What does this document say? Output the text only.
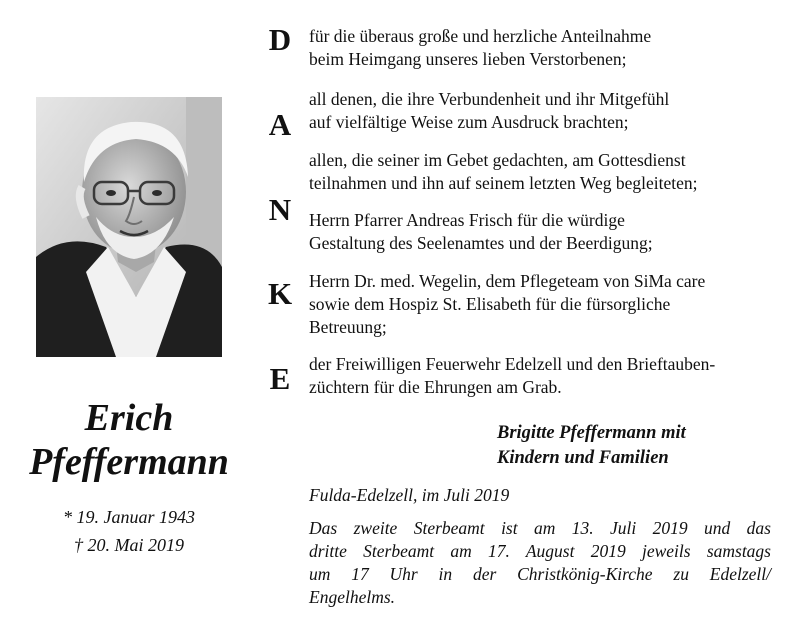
Erich
Pfeffermann
* 19. Januar 1943
† 20. Mai 2019
D
A
N
K
E
für die überaus große und herzliche Anteilnahme
beim Heimgang unseres lieben Verstorbenen;
all denen, die ihre Verbundenheit und ihr Mitgefühl
auf vielfältige Weise zum Ausdruck brachten;
allen, die seiner im Gebet gedachten, am Gottesdienst
teilnahmen und ihn auf seinem letzten Weg begleiteten;
Herrn Pfarrer Andreas Frisch für die würdige
Gestaltung des Seelenamtes und der Beerdigung;
Herrn Dr. med. Wegelin, dem Pflegeteam von SiMa care
sowie dem Hospiz St. Elisabeth für die fürsorgliche
Betreuung;
der Freiwilligen Feuerwehr Edelzell und den Brieftauben-
züchtern für die Ehrungen am Grab.
Brigitte Pfeffermann mit
Kindern und Familien
Fulda-Edelzell, im Juli 2019
Das zweite Sterbeamt ist am 13. Juli 2019 und das
dritte Sterbeamt am 17. August 2019 jeweils samstags
um 17 Uhr in der Christkönig-Kirche zu Edelzell/
Engelhelms.
